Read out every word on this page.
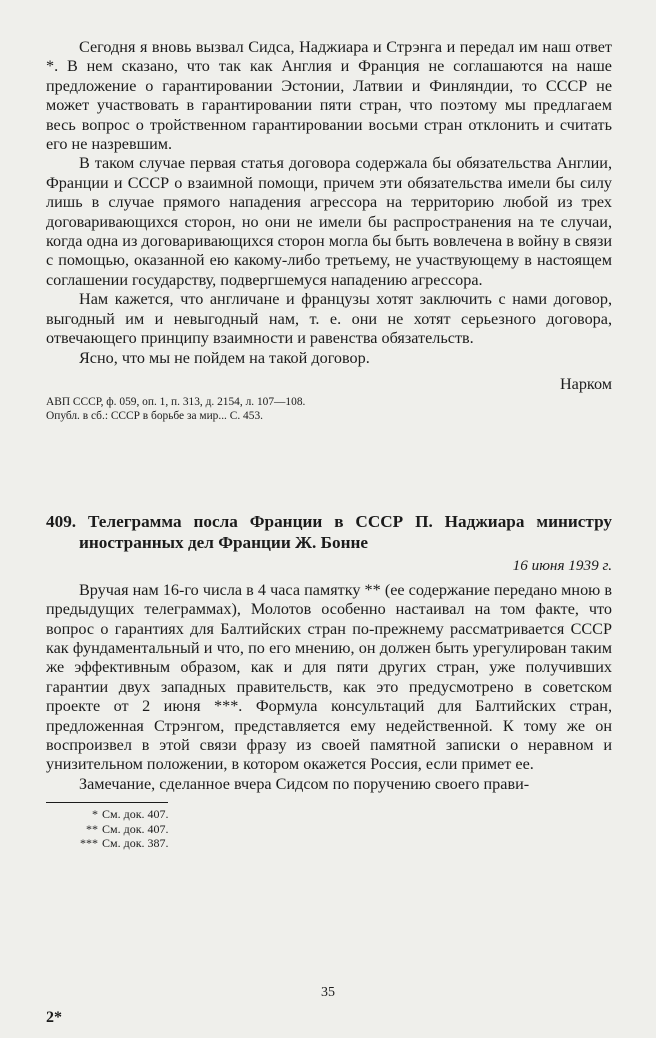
Сегодня я вновь вызвал Сидса, Наджиара и Стрэнга и передал им наш ответ *. В нем сказано, что так как Англия и Франция не соглашаются на наше предложение о гарантировании Эстонии, Латвии и Финляндии, то СССР не может участвовать в гарантировании пяти стран, что поэтому мы предлагаем весь вопрос о тройственном гарантировании восьми стран отклонить и считать его не назревшим.

В таком случае первая статья договора содержала бы обязательства Англии, Франции и СССР о взаимной помощи, причем эти обязательства имели бы силу лишь в случае прямого нападения агрессора на территорию любой из трех договаривающихся сторон, но они не имели бы распространения на те случаи, когда одна из договаривающихся сторон могла бы быть вовлечена в войну в связи с помощью, оказанной ею какому-либо третьему, не участвующему в настоящем соглашении государству, подвергшемуся нападению агрессора.

Нам кажется, что англичане и французы хотят заключить с нами договор, выгодный им и невыгодный нам, т. е. они не хотят серьезного договора, отвечающего принципу взаимности и равенства обязательств.

Ясно, что мы не пойдем на такой договор.

Нарком

АВП СССР, ф. 059, оп. 1, п. 313, д. 2154, л. 107—108. Опубл. в сб.: СССР в борьбе за мир... С. 453.

409. Телеграмма посла Франции в СССР П. Наджиара министру иностранных дел Франции Ж. Бонне

16 июня 1939 г.

Вручая нам 16-го числа в 4 часа памятку ** (ее содержание передано мною в предыдущих телеграммах), Молотов особенно настаивал на том факте, что вопрос о гарантиях для Балтийских стран по-прежнему рассматривается СССР как фундаментальный и что, по его мнению, он должен быть урегулирован таким же эффективным образом, как и для пяти других стран, уже получивших гарантии двух западных правительств, как это предусмотрено в советском проекте от 2 июня ***. Формула консультаций для Балтийских стран, предложенная Стрэнгом, представляется ему недейственной. К тому же он воспроизвел в этой связи фразу из своей памятной записки о неравном и унизительном положении, в котором окажется Россия, если примет ее.

Замечание, сделанное вчера Сидсом по поручению своего прави-

* См. док. 407.
** См. док. 407.
*** См. док. 387.
35
2*
